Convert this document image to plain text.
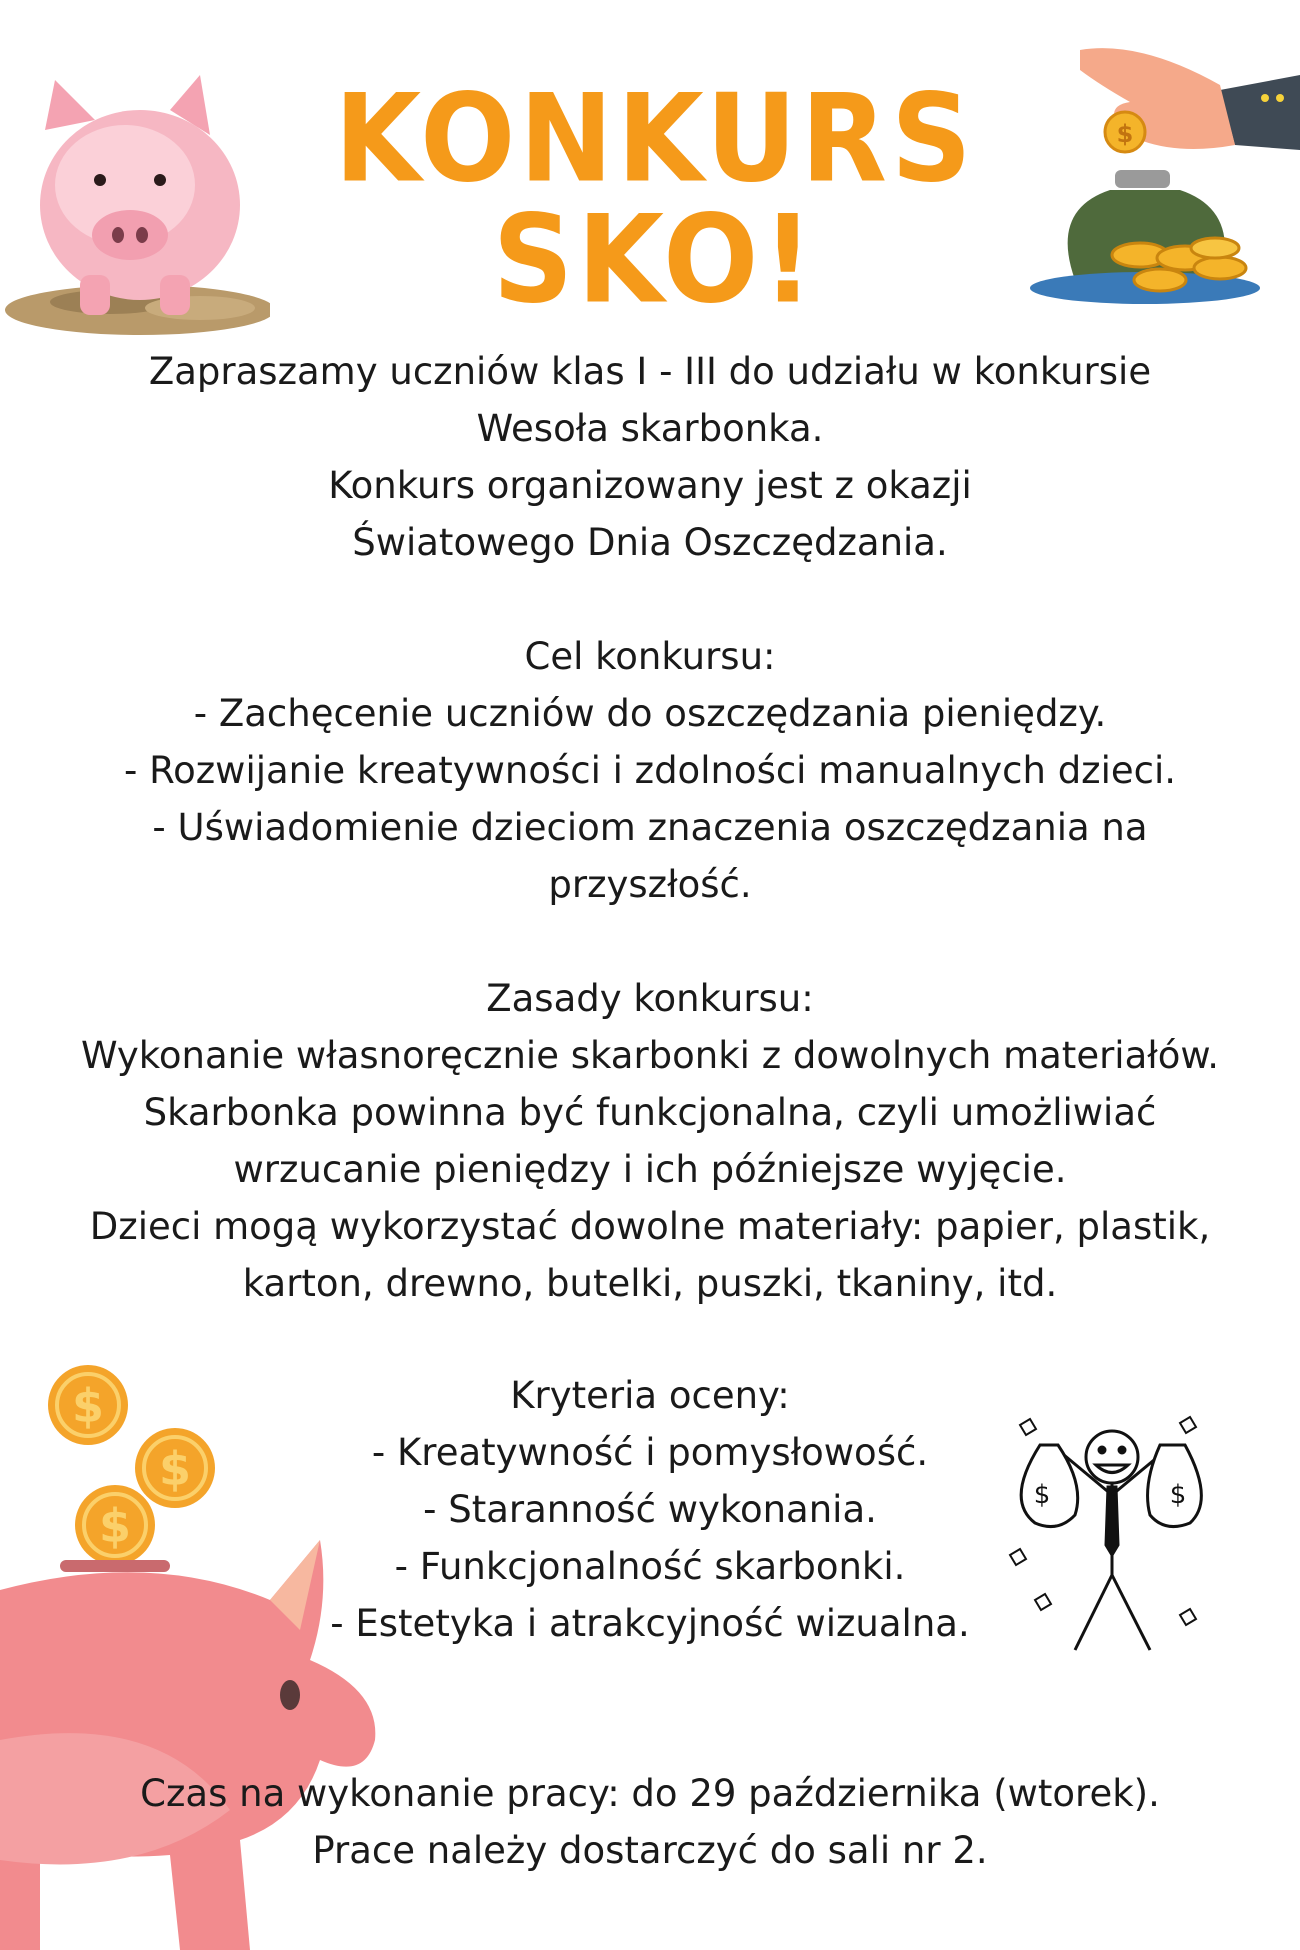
KONKURS SKO!
$

Zapraszamy uczniów klas I - III do udziału w konkursie

Wesoła skarbonka.

Konkurs organizowany jest z okazji

Światowego Dnia Oszczędzania.

Cel konkursu:

- Zachęcenie uczniów do oszczędzania pieniędzy.

- Rozwijanie kreatywności i zdolności manualnych dzieci.

- Uświadomienie dzieciom znaczenia oszczędzania na

przyszłość.

Zasady konkursu:

Wykonanie własnoręcznie skarbonki z dowolnych materiałów.

Skarbonka powinna być funkcjonalna, czyli umożliwiać

wrzucanie pieniędzy i ich późniejsze wyjęcie.

Dzieci mogą wykorzystać dowolne materiały: papier, plastik,

karton, drewno, butelki, puszki, tkaniny, itd.

$
$
$

Kryteria oceny:

- Kreatywność i pomysłowość.

- Staranność wykonania.

- Funkcjonalność skarbonki.

- Estetyka i atrakcyjność wizualna.

$	$

Czas na wykonanie pracy: do 29 października (wtorek).

Prace należy dostarczyć do sali nr 2.
